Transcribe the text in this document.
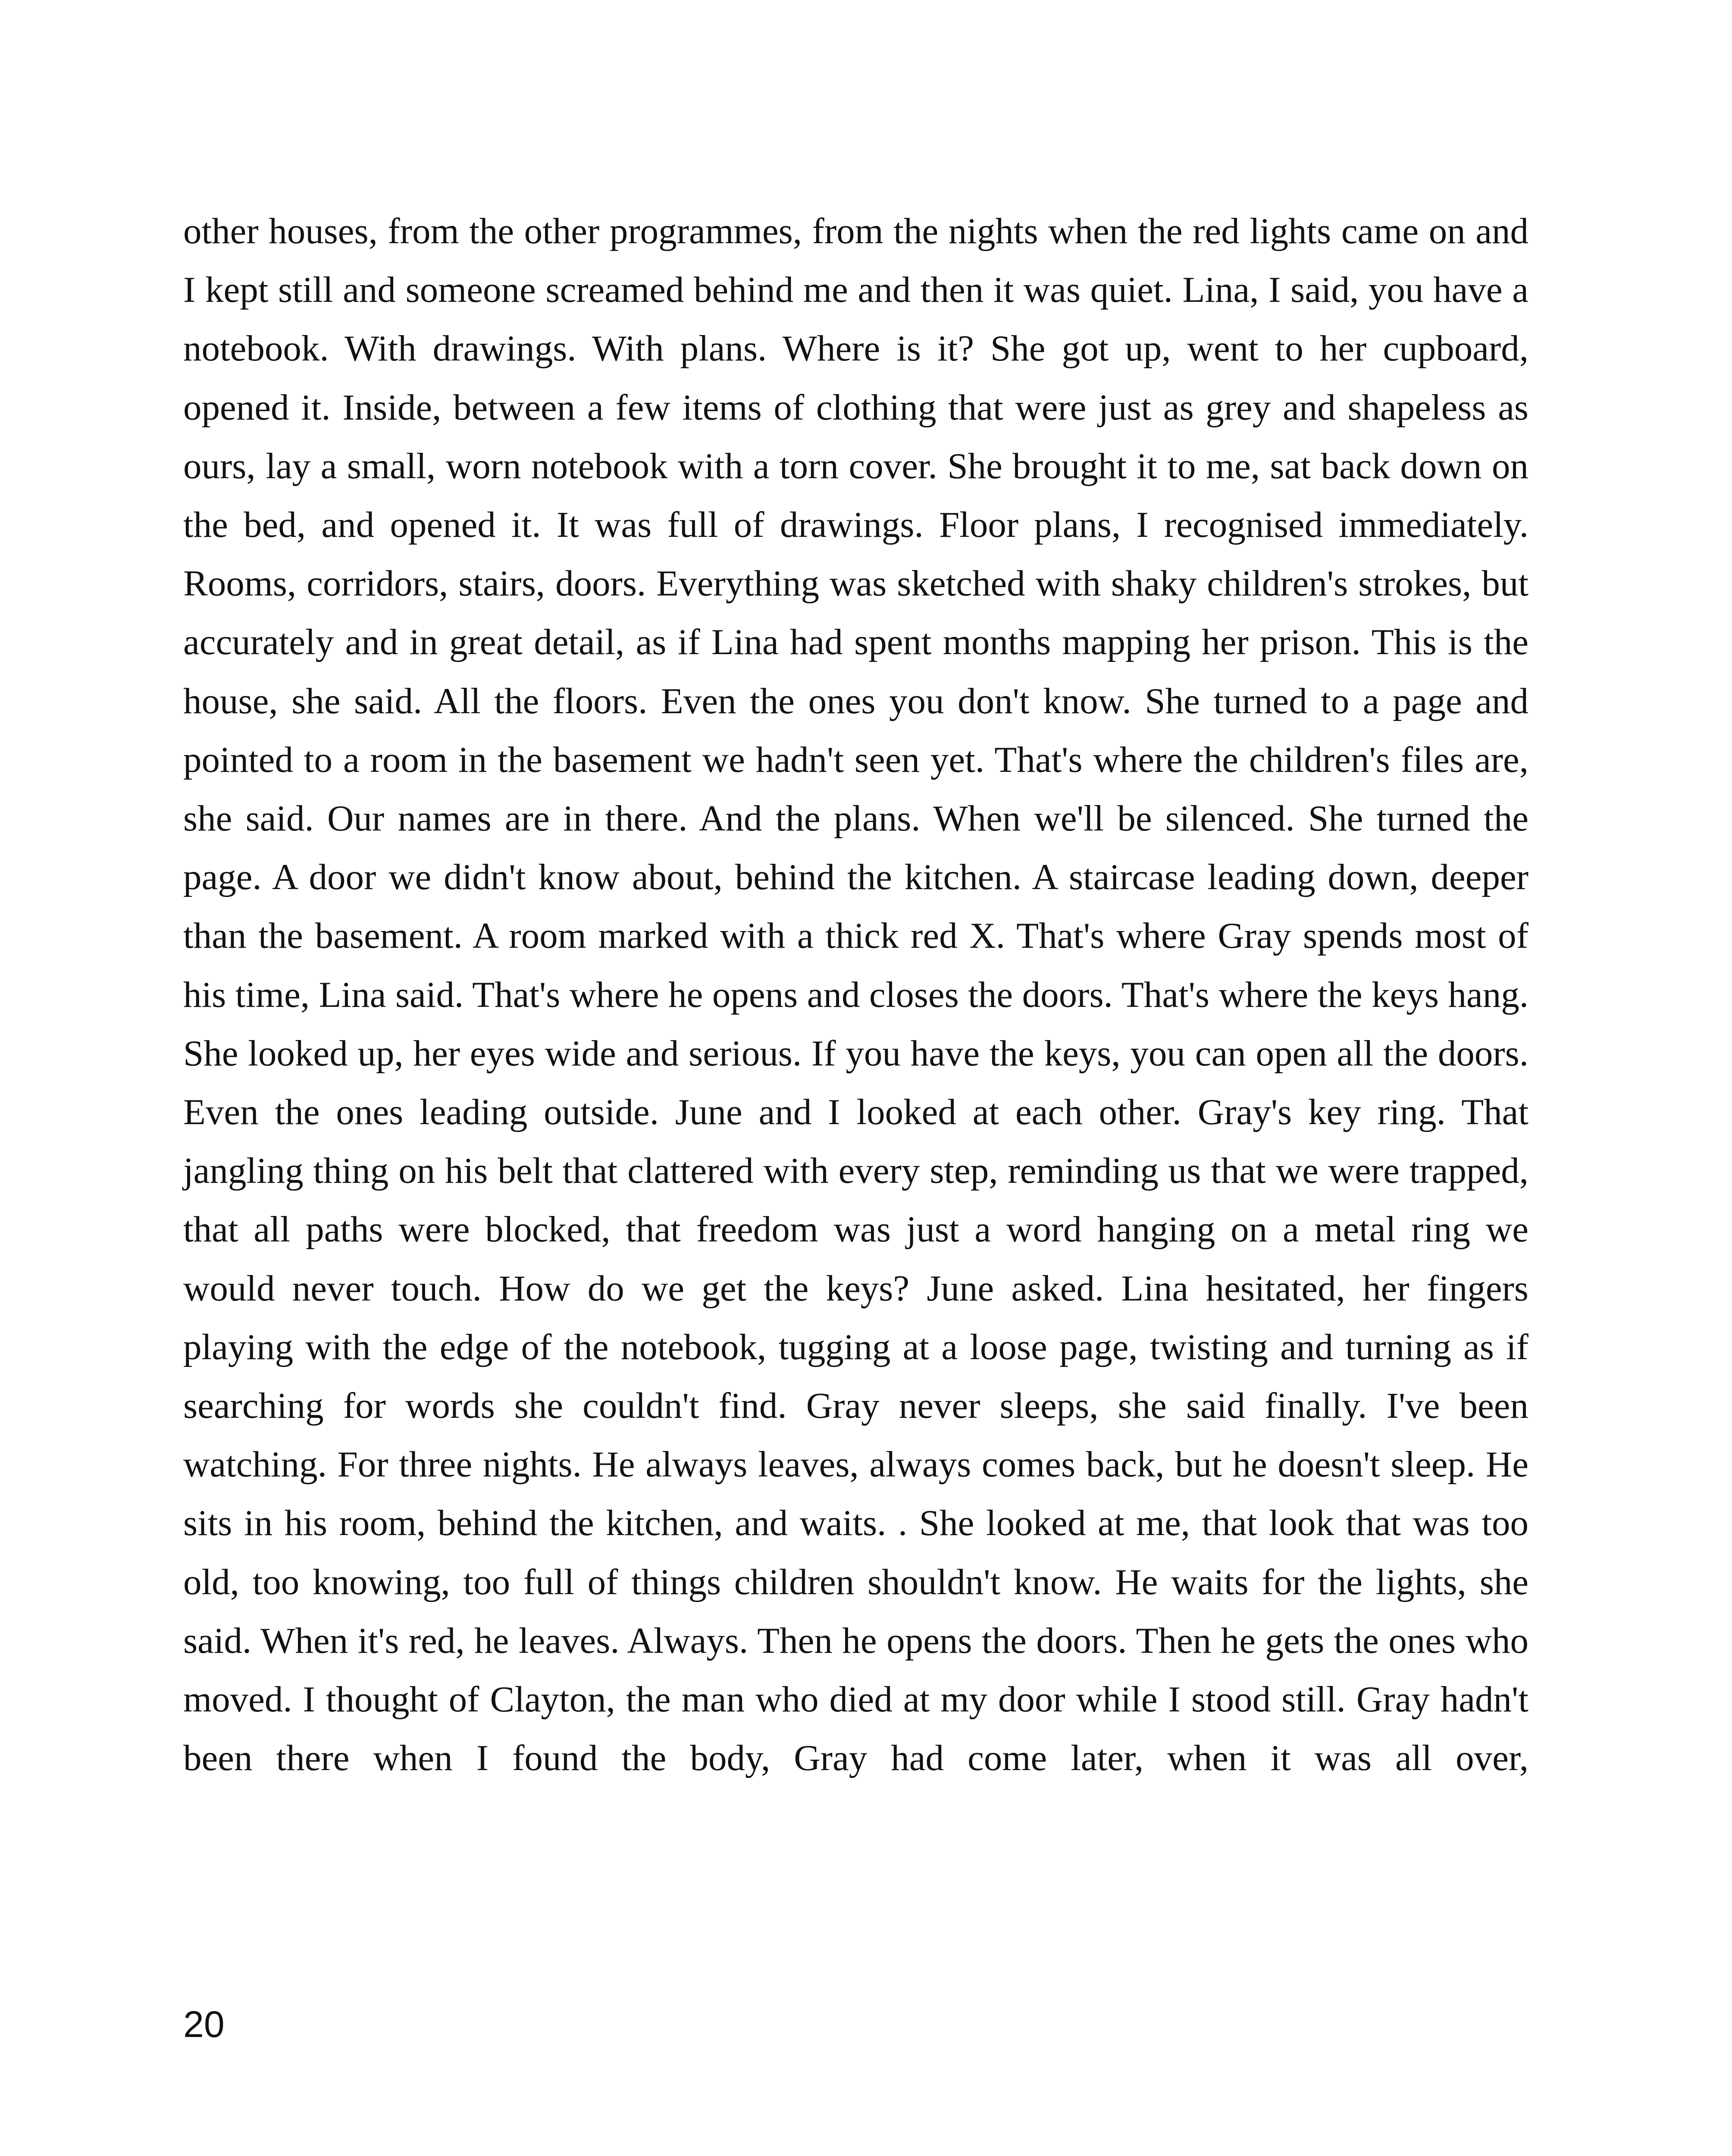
other houses, from the other programmes, from the nights when the red lights came on and I kept still and someone screamed behind me and then it was quiet. Lina, I said, you have a notebook. With drawings. With plans. Where is it? She got up, went to her cupboard, opened it. Inside, between a few items of clothing that were just as grey and shapeless as ours, lay a small, worn notebook with a torn cover. She brought it to me, sat back down on the bed, and opened it. It was full of drawings. Floor plans, I recognised immediately. Rooms, corridors, stairs, doors. Everything was sketched with shaky children's strokes, but accurately and in great detail, as if Lina had spent months mapping her prison. This is the house, she said. All the floors. Even the ones you don't know. She turned to a page and pointed to a room in the basement we hadn't seen yet. That's where the children's files are, she said. Our names are in there. And the plans. When we'll be silenced. She turned the page. A door we didn't know about, behind the kitchen. A staircase leading down, deeper than the basement. A room marked with a thick red X. That's where Gray spends most of his time, Lina said. That's where he opens and closes the doors. That's where the keys hang. She looked up, her eyes wide and serious. If you have the keys, you can open all the doors. Even the ones leading outside. June and I looked at each other. Gray's key ring. That jangling thing on his belt that clattered with every step, reminding us that we were trapped, that all paths were blocked, that freedom was just a word hanging on a metal ring we would never touch. How do we get the keys? June asked. Lina hesitated, her fingers playing with the edge of the notebook, tugging at a loose page, twisting and turning as if searching for words she couldn't find. Gray never sleeps, she said finally. I've been watching. For three nights. He always leaves, always comes back, but he doesn't sleep. He sits in his room, behind the kitchen, and waits. . She looked at me, that look that was too old, too knowing, too full of things children shouldn't know. He waits for the lights, she said. When it's red, he leaves. Always. Then he opens the doors. Then he gets the ones who moved. I thought of Clayton, the man who died at my door while I stood still. Gray hadn't been there when I found the body, Gray had come later, when it was all over,

20
